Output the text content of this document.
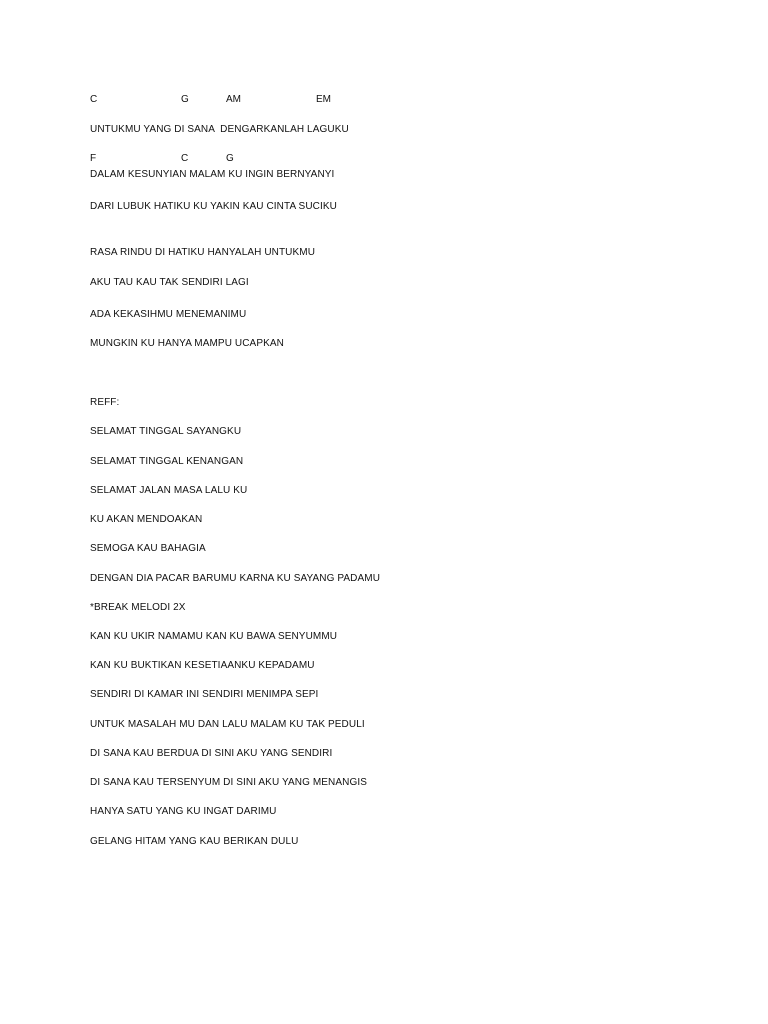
C	G	AM	EM
UNTUKMU YANG DI SANA  DENGARKANLAH LAGUKU
F	C	G
DALAM KESUNYIAN MALAM KU INGIN BERNYANYI
DARI LUBUK HATIKU KU YAKIN KAU CINTA SUCIKU
RASA RINDU DI HATIKU HANYALAH UNTUKMU
AKU TAU KAU TAK SENDIRI LAGI
ADA KEKASIHMU MENEMANIMU
MUNGKIN KU HANYA MAMPU UCAPKAN
REFF:
SELAMAT TINGGAL SAYANGKU
SELAMAT TINGGAL KENANGAN
SELAMAT JALAN MASA LALU KU
KU AKAN MENDOAKAN
SEMOGA KAU BAHAGIA
DENGAN DIA PACAR BARUMU KARNA KU SAYANG PADAMU
*BREAK MELODI 2X
KAN KU UKIR NAMAMU KAN KU BAWA SENYUMMU
KAN KU BUKTIKAN KESETIAANKU KEPADAMU
SENDIRI DI KAMAR INI SENDIRI MENIMPA SEPI
UNTUK MASALAH MU DAN LALU MALAM KU TAK PEDULI
DI SANA KAU BERDUA DI SINI AKU YANG SENDIRI
DI SANA KAU TERSENYUM DI SINI AKU YANG MENANGIS
HANYA SATU YANG KU INGAT DARIMU
GELANG HITAM YANG KAU BERIKAN DULU
